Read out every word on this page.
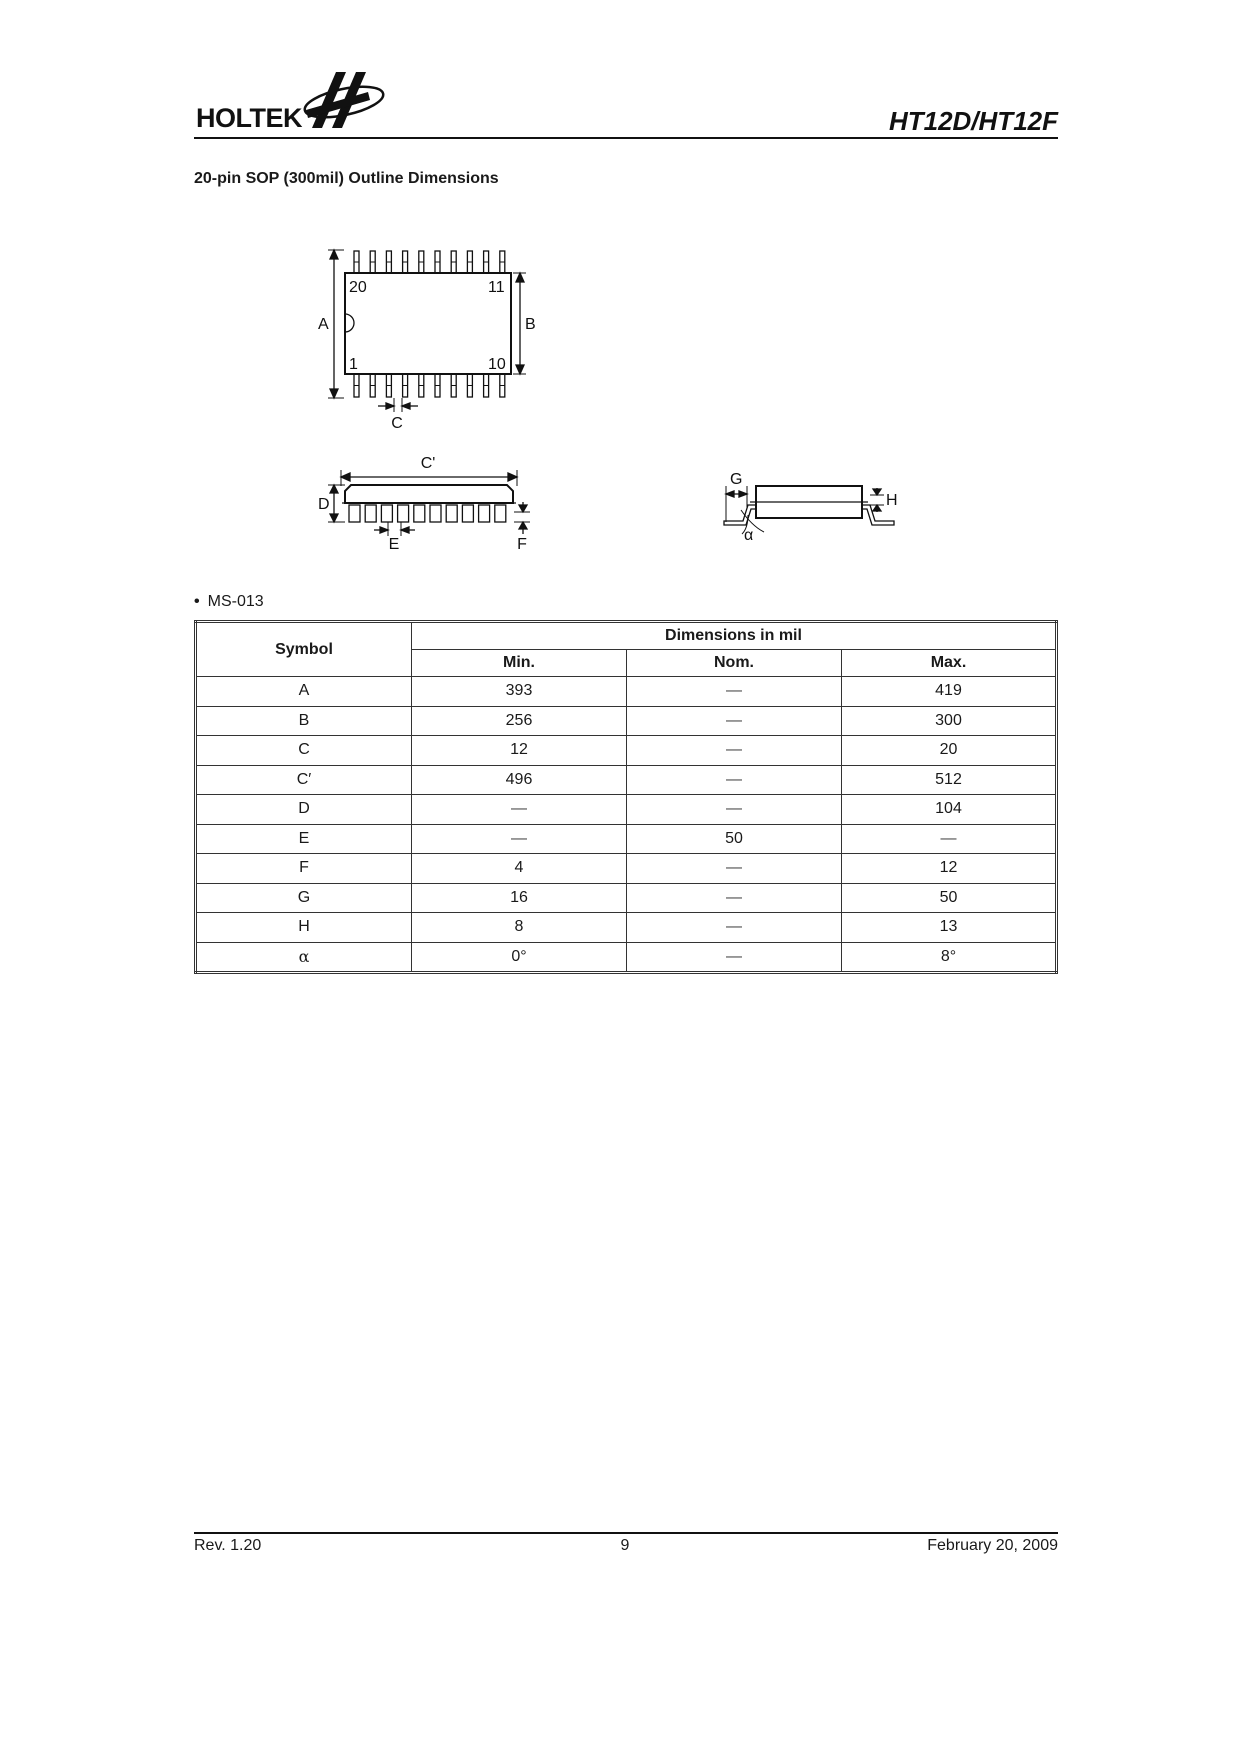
HOLTEK	HT12D/HT12F
20-pin SOP (300mil) Outline Dimensions
20	11
1	10
A	B
C
C'
D
E	F
G
H
α
• MS-013
Symbol	Dimensions in mil		
	Min.	Nom.	Max.
A	393	—	419
B	256	—	300
C	12	—	20
C′	496	—	512
D	—	—	104
E	—	50	—
F	4	—	12
G	16	—	50
H	8	—	13
α	0°	—	8°
Rev. 1.20	9	February 20, 2009
